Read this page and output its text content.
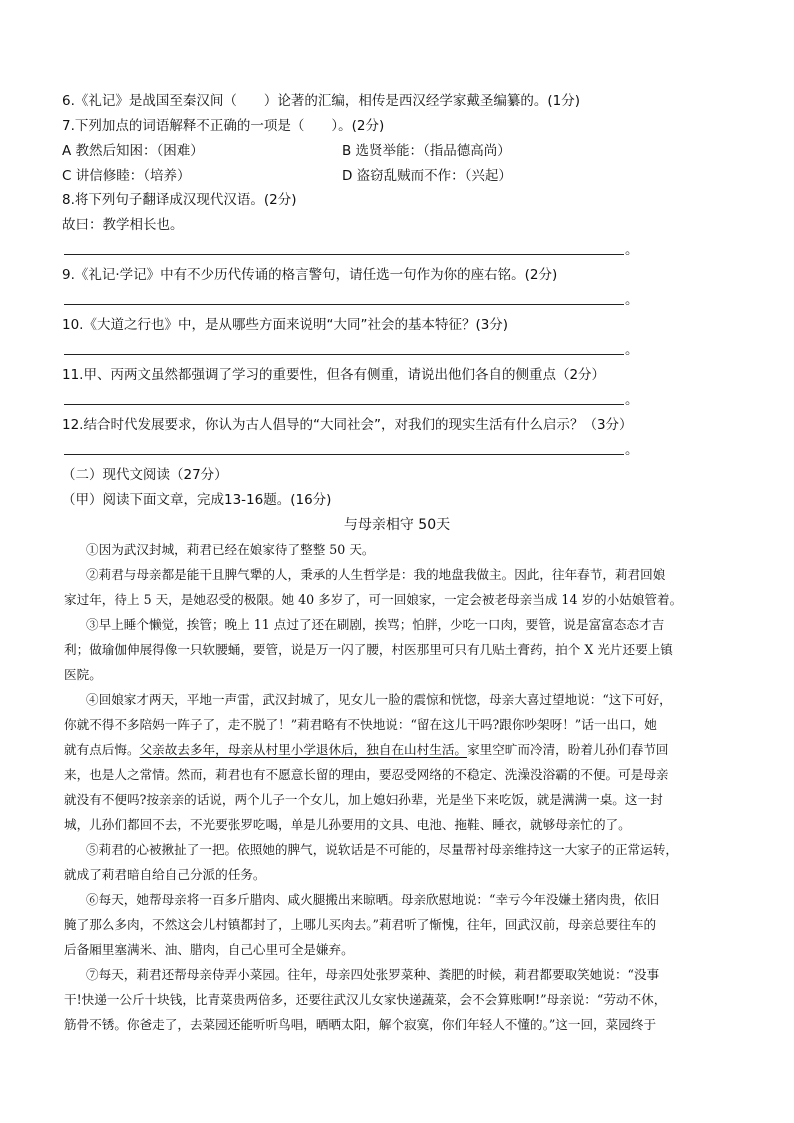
6.《礼记》是战国至秦汉间（　　）论著的汇编，相传是西汉经学家戴圣编纂的。(1分)
7.下列加点的词语解释不正确的一项是（　　）。(2分)
A 教然后知困：（困难）	B 选贤举能：（指品德高尚）
C 讲信修睦：（培养）	D 盗窃乱贼而不作：（兴起）
8.将下列句子翻译成汉现代汉语。(2分)
故曰：教学相长也。
。
9.《礼记·学记》中有不少历代传诵的格言警句，请任选一句作为你的座右铭。(2分)
。
10.《大道之行也》中，是从哪些方面来说明“大同”社会的基本特征？(3分)
。
11.甲、丙两文虽然都强调了学习的重要性，但各有侧重，请说出他们各自的侧重点（2分）
。
12.结合时代发展要求，你认为古人倡导的“大同社会”，对我们的现实生活有什么启示？（3分）
。
（二）现代文阅读（27分）
（甲）阅读下面文章，完成13-16题。(16分)
与母亲相守 50天
①因为武汉封城，莉君已经在娘家待了整整 50 天。
②莉君与母亲都是能干且脾气犟的人，秉承的人生哲学是：我的地盘我做主。因此，往年春节，莉君回娘
家过年，待上 5 天，是她忍受的极限。她 40 多岁了，可一回娘家，一定会被老母亲当成 14 岁的小姑娘管着。
③早上睡个懒觉，挨管；晚上 11 点过了还在刷剧，挨骂；怕胖，少吃一口肉，要管，说是富富态态才吉
利；做瑜伽伸展得像一只软腰蛹，要管，说是万一闪了腰，村医那里可只有几贴土膏药，拍个 X 光片还要上镇
医院。
④回娘家才两天，平地一声雷，武汉封城了，见女儿一脸的震惊和恍惚，母亲大喜过望地说：“这下可好，
你就不得不多陪妈一阵子了，走不脱了！”莉君略有不快地说：“留在这儿干吗?跟你吵架呀！”话一出口，她
就有点后悔。父亲故去多年，母亲从村里小学退休后，独自在山村生活。家里空旷而冷清，盼着儿孙们春节回
来，也是人之常情。然而，莉君也有不愿意长留的理由，要忍受网络的不稳定、洗澡没浴霸的不便。可是母亲
就没有不便吗?按亲亲的话说，两个儿子一个女儿，加上媳妇孙辈，光是坐下来吃饭，就是满满一桌。这一封
城，儿孙们都回不去，不光要张罗吃喝，单是儿孙要用的文具、电池、拖鞋、睡衣，就够母亲忙的了。
⑤莉君的心被揪扯了一把。依照她的脾气，说软话是不可能的，尽量帮衬母亲维持这一大家子的正常运转，
就成了莉君暗自给自己分派的任务。
⑥每天，她帮母亲将一百多斤腊肉、咸火腿搬出来晾晒。母亲欣慰地说：“幸亏今年没嫌土猪肉贵，依旧
腌了那么多肉，不然这会儿村镇都封了，上哪儿买肉去。”莉君听了惭愧，往年，回武汉前，母亲总要往车的
后备厢里塞满米、油、腊肉，自己心里可全是嫌弃。
⑦每天，莉君还帮母亲侍弄小菜园。往年，母亲四处张罗菜种、粪肥的时候，莉君都要取笑她说：“没事
干!快递一公斤十块钱，比青菜贵两倍多，还要往武汉儿女家快递蔬菜，会不会算账啊!”母亲说：“劳动不休，
筋骨不锈。你爸走了，去菜园还能听听鸟唱，晒晒太阳，解个寂寞，你们年轻人不懂的。”这一回，菜园终于
